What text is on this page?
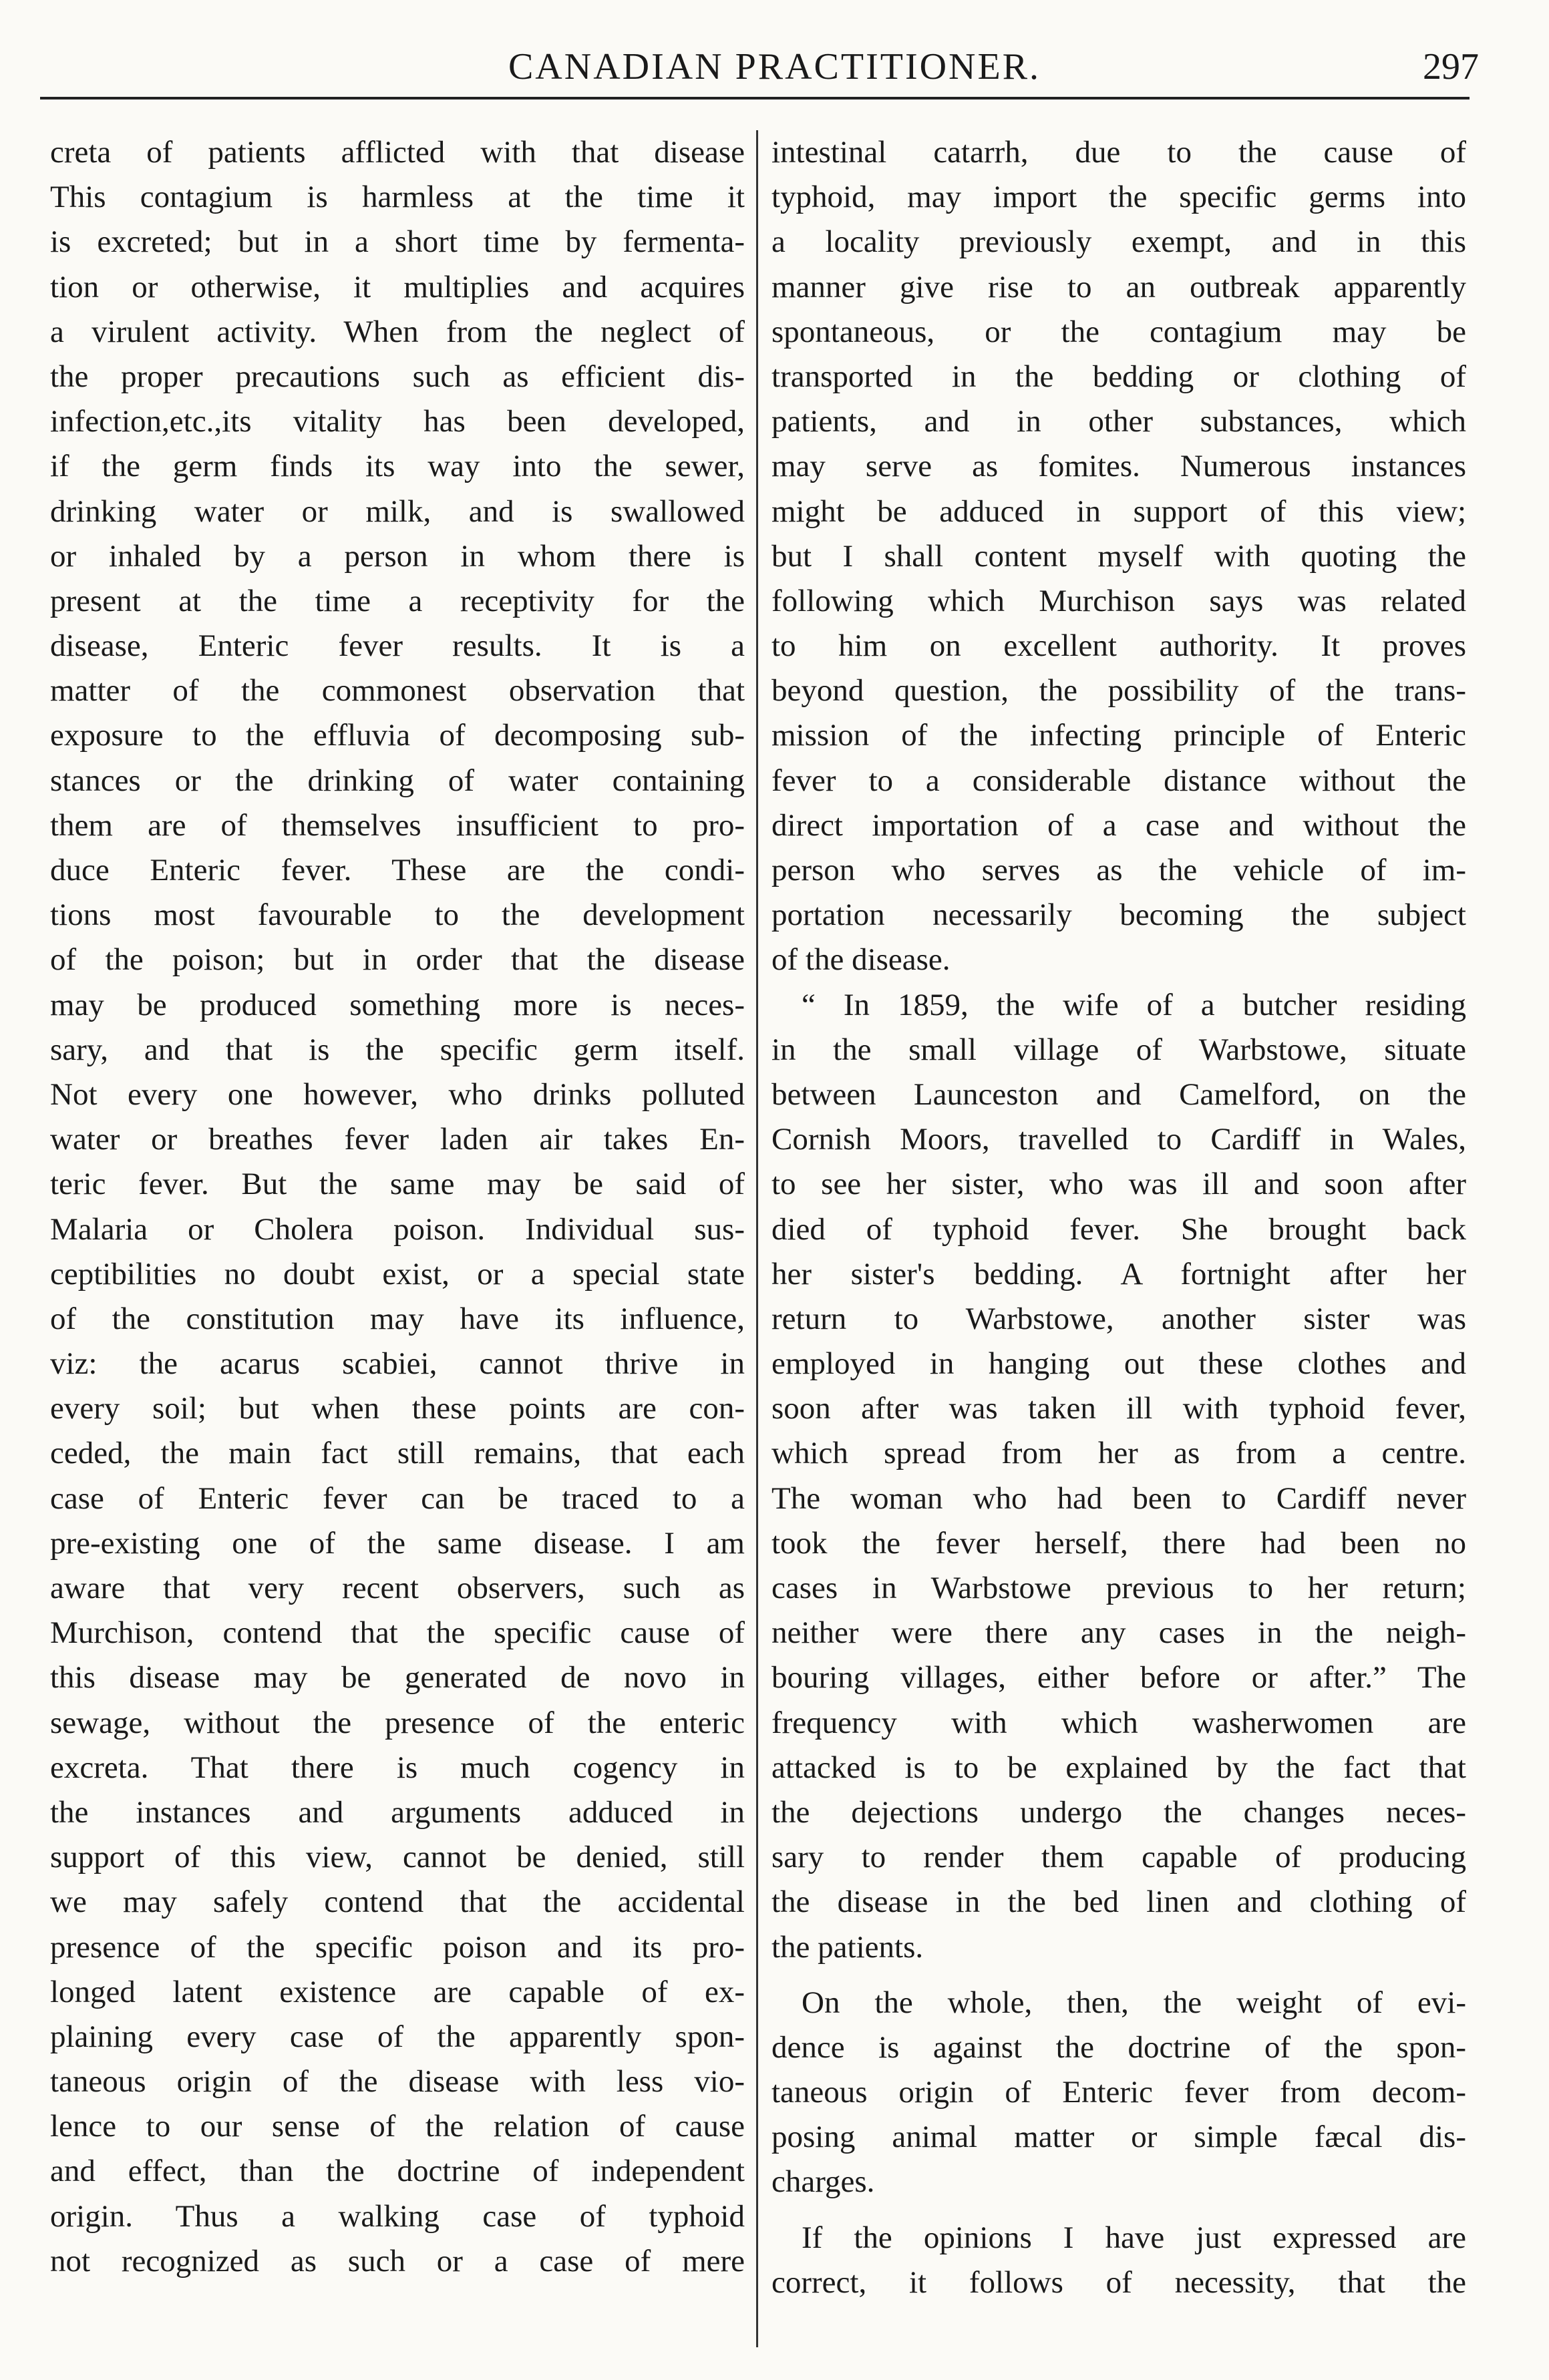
CANADIAN PRACTITIONER.	297
creta of patients afflicted with that disease
This contagium is harmless at the time it
is excreted; but in a short time by fermenta-
tion or otherwise, it multiplies and acquires
a virulent activity. When from the neglect of
the proper precautions such as efficient dis-
infection,etc.,its vitality has been developed,
if the germ finds its way into the sewer,
drinking water or milk, and is swallowed
or inhaled by a person in whom there is
present at the time a receptivity for the
disease, Enteric fever results. It is a
matter of the commonest observation that
exposure to the effluvia of decomposing sub-
stances or the drinking of water containing
them are of themselves insufficient to pro-
duce Enteric fever. These are the condi-
tions most favourable to the development
of the poison; but in order that the disease
may be produced something more is neces-
sary, and that is the specific germ itself.
Not every one however, who drinks polluted
water or breathes fever laden air takes En-
teric fever. But the same may be said of
Malaria or Cholera poison. Individual sus-
ceptibilities no doubt exist, or a special state
of the constitution may have its influence,
viz: the acarus scabiei, cannot thrive in
every soil; but when these points are con-
ceded, the main fact still remains, that each
case of Enteric fever can be traced to a
pre-existing one of the same disease. I am
aware that very recent observers, such as
Murchison, contend that the specific cause of
this disease may be generated de novo in
sewage, without the presence of the enteric
excreta. That there is much cogency in
the instances and arguments adduced in
support of this view, cannot be denied, still
we may safely contend that the accidental
presence of the specific poison and its pro-
longed latent existence are capable of ex-
plaining every case of the apparently spon-
taneous origin of the disease with less vio-
lence to our sense of the relation of cause
and effect, than the doctrine of independent
origin. Thus a walking case of typhoid
not recognized as such or a case of mere
intestinal catarrh, due to the cause of
typhoid, may import the specific germs into
a locality previously exempt, and in this
manner give rise to an outbreak apparently
spontaneous, or the contagium may be
transported in the bedding or clothing of
patients, and in other substances, which
may serve as fomites. Numerous instances
might be adduced in support of this view;
but I shall content myself with quoting the
following which Murchison says was related
to him on excellent authority. It proves
beyond question, the possibility of the trans-
mission of the infecting principle of Enteric
fever to a considerable distance without the
direct importation of a case and without the
person who serves as the vehicle of im-
portation necessarily becoming the subject
of the disease.
“ In 1859, the wife of a butcher residing
in the small village of Warbstowe, situate
between Launceston and Camelford, on the
Cornish Moors, travelled to Cardiff in Wales,
to see her sister, who was ill and soon after
died of typhoid fever. She brought back
her sister's bedding. A fortnight after her
return to Warbstowe, another sister was
employed in hanging out these clothes and
soon after was taken ill with typhoid fever,
which spread from her as from a centre.
The woman who had been to Cardiff never
took the fever herself, there had been no
cases in Warbstowe previous to her return;
neither were there any cases in the neigh-
bouring villages, either before or after.” The
frequency with which washerwomen are
attacked is to be explained by the fact that
the dejections undergo the changes neces-
sary to render them capable of producing
the disease in the bed linen and clothing of
the patients.
On the whole, then, the weight of evi-
dence is against the doctrine of the spon-
taneous origin of Enteric fever from decom-
posing animal matter or simple fæcal dis-
charges.
If the opinions I have just expressed are
correct, it follows of necessity, that the
